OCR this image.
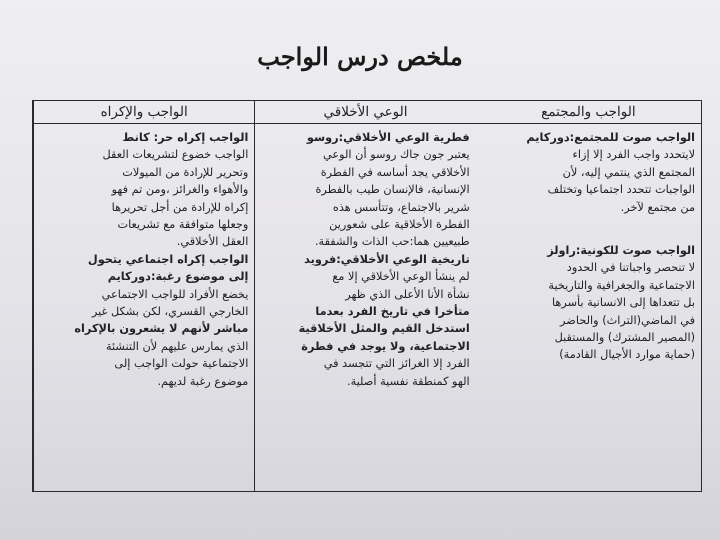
ملخص درس الواجب
الواجب والإكراه
الواجب إكراه حر: كانط
الواجب خضوع لتشريعات العقل
وتحرير للإرادة من الميولات
والأهواء والغرائز ،ومن تم فهو
إكراه للإرادة من أجل تحريرها
وجعلها متوافقة مع تشريعات
العقل الأخلاقي.
الواجب إكراه اجتماعي يتحول
إلى موضوع رغبة:دوركايم
يخضع الأفراد للواجب الاجتماعي
الخارجي القسري، لكن بشكل غير
مباشر لأنهم لا يشعرون بالإكراه
الذي يمارس عليهم لأن التنشئة
الاجتماعية حولت الواجب إلى
موضوع رغبة لديهم.
الوعي الأخلاقي
فطرية الوعي الأخلاقي:روسو
يعتبر جون جاك روسو أن الوعي
الأخلاقي يجد أساسه في الفطرة
الإنسانية، فالإنسان طيب بالفطرة
شرير بالاجتماع، وتتأسس هذه
الفطرة الأخلاقية على شعورين
طبيعيين هما:حب الذات والشفقة.
تاريخية الوعي الأخلاقي:فرويد
لم ينشأ الوعي الأخلاقي إلا مع
نشأة الأنا الأعلى الذي ظهر
متأخرا في تاريخ الفرد بعدما
استدخل القيم والمثل الأخلاقية
الاجتماعية، ولا يوجد في فطرة
الفرد إلا الغرائز التي تتجسد في
الهو كمنطقة نفسية أصلية.
الواجب والمجتمع
الواجب صوت للمجتمع:دوركايم
لايتحدد واجب الفرد إلا إزاء
المجتمع الذي ينتمي إليه، لأن
الواجبات تتحدد اجتماعيا وتختلف
من مجتمع لآخر.
الواجب صوت للكونية:راولز
لا تنحصر واجباتنا في الحدود
الاجتماعية والجغرافية والتاريخية
بل تتعداها إلى الانسانية بأسرها
في الماضي(التراث) والحاضر
(المصير المشترك) والمستقبل
(حماية موارد الأجيال القادمة)
